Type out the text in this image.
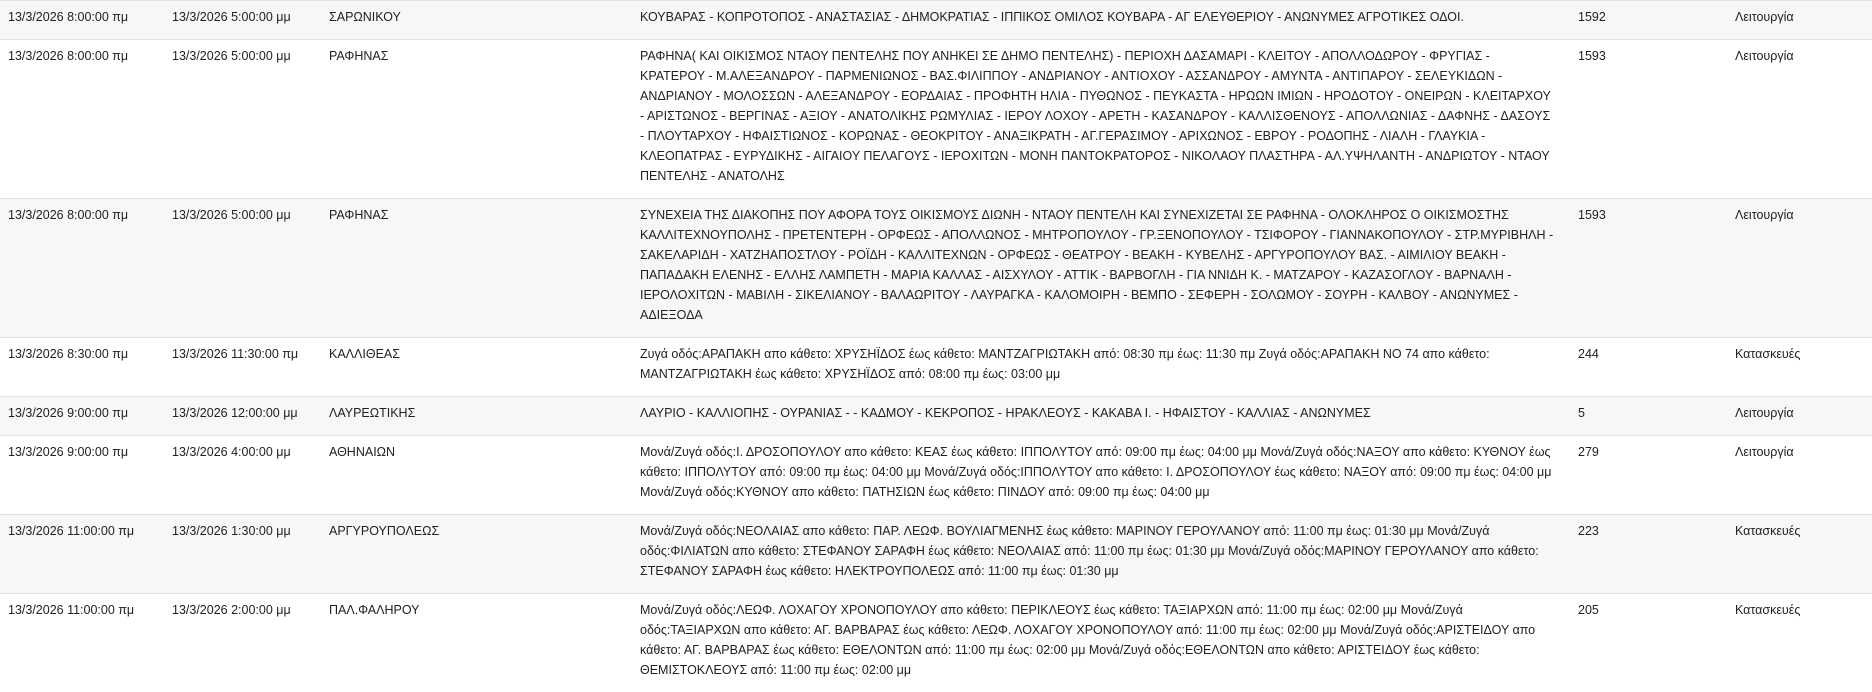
13/3/2026 8:00:00 πμ	13/3/2026 5:00:00 μμ	ΣΑΡΩΝΙΚΟΥ	ΚΟΥΒΑΡΑΣ - ΚΟΠΡΟΤΟΠΟΣ - ΑΝΑΣΤΑΣΙΑΣ - ΔΗΜΟΚΡΑΤΙΑΣ - ΙΠΠΙΚΟΣ ΟΜΙΛΟΣ ΚΟΥΒΑΡΑ - ΑΓ ΕΛΕΥΘΕΡΙΟΥ - ΑΝΩΝΥΜΕΣ ΑΓΡΟΤΙΚΕΣ ΟΔΟΙ.	1592	Λειτουργία
13/3/2026 8:00:00 πμ	13/3/2026 5:00:00 μμ	ΡΑΦΗΝΑΣ	ΡΑΦΗΝΑ( ΚΑΙ ΟΙΚΙΣΜΟΣ ΝΤΑΟΥ ΠΕΝΤΕΛΗΣ ΠΟΥ ΑΝΗΚΕΙ ΣΕ ΔΗΜΟ ΠΕΝΤΕΛΗΣ) - ΠΕΡΙΟΧΗ ΔΑΣΑΜΑΡΙ - ΚΛΕΙΤΟΥ - ΑΠΟΛΛΟΔΩΡΟΥ - ΦΡΥΓΙΑΣ - ΚΡΑΤΕΡΟΥ - Μ.ΑΛΕΞΑΝΔΡΟΥ - ΠΑΡΜΕΝΙΩΝΟΣ - ΒΑΣ.ΦΙΛΙΠΠΟΥ - ΑΝΔΡΙΑΝΟΥ - ΑΝΤΙΟΧΟΥ - ΑΣΣΑΝΔΡΟΥ - ΑΜΥΝΤΑ - ΑΝΤΙΠΑΡΟΥ - ΣΕΛΕΥΚΙΔΩΝ - ΑΝΔΡΙΑΝΟΥ - ΜΟΛΟΣΣΩΝ - ΑΛΕΞΑΝΔΡΟΥ - ΕΟΡΔΑΙΑΣ - ΠΡΟΦΗΤΗ ΗΛΙΑ - ΠΥΘΩΝΟΣ - ΠΕΥΚΑΣΤΑ - ΗΡΩΩΝ ΙΜΙΩΝ - ΗΡΟΔΟΤΟΥ - ΟΝΕΙΡΩΝ - ΚΛΕΙΤΑΡΧΟΥ - ΑΡΙΣΤΩΝΟΣ - ΒΕΡΓΙΝΑΣ - ΑΞΙΟΥ - ΑΝΑΤΟΛΙΚΗΣ ΡΩΜΥΛΙΑΣ - ΙΕΡΟΥ ΛΟΧΟΥ - ΑΡΕΤΗ - ΚΑΣΑΝΔΡΟΥ - ΚΑΛΛΙΣΘΕΝΟΥΣ - ΑΠΟΛΛΩΝΙΑΣ - ΔΑΦΝΗΣ - ΔΑΣΟΥΣ - ΠΛΟΥΤΑΡΧΟΥ - ΗΦΑΙΣΤΙΩΝΟΣ - ΚΟΡΩΝΑΣ - ΘΕΟΚΡΙΤΟΥ - ΑΝΑΞΙΚΡΑΤΗ - ΑΓ.ΓΕΡΑΣΙΜΟΥ - ΑΡΙΧΩΝΟΣ - ΕΒΡΟΥ - ΡΟΔΟΠΗΣ - ΛΙΑΛΗ - ΓΛΑΥΚΙΑ - ΚΛΕΟΠΑΤΡΑΣ - ΕΥΡΥΔΙΚΗΣ - ΑΙΓΑΙΟΥ ΠΕΛΑΓΟΥΣ - ΙΕΡΟΧΙΤΩΝ - ΜΟΝΗ ΠΑΝΤΟΚΡΑΤΟΡΟΣ - ΝΙΚΟΛΑΟΥ ΠΛΑΣΤΗΡΑ - ΑΛ.ΥΨΗΛΑΝΤΗ - ΑΝΔΡΙΩΤΟΥ - ΝΤΑΟΥ ΠΕΝΤΕΛΗΣ - ΑΝΑΤΟΛΗΣ	1593	Λειτουργία
13/3/2026 8:00:00 πμ	13/3/2026 5:00:00 μμ	ΡΑΦΗΝΑΣ	ΣΥΝΕΧΕΙΑ ΤΗΣ ΔΙΑΚΟΠΗΣ ΠΟΥ ΑΦΟΡΑ ΤΟΥΣ ΟΙΚΙΣΜΟΥΣ ΔΙΩΝΗ - ΝΤΑΟΥ ΠΕΝΤΕΛΗ ΚΑΙ ΣΥΝΕΧΙΖΕΤΑΙ ΣΕ ΡΑΦΗΝΑ - ΟΛΟΚΛΗΡΟΣ Ο ΟΙΚΙΣΜΟΣΤΗΣ ΚΑΛΛΙΤΕΧΝΟΥΠΟΛΗΣ - ΠΡΕΤΕΝΤΕΡΗ - ΟΡΦΕΩΣ - ΑΠΟΛΛΩΝΟΣ - ΜΗΤΡΟΠΟΥΛΟΥ - ΓΡ.ΞΕΝΟΠΟΥΛΟΥ - ΤΣΙΦΟΡΟΥ - ΓΙΑΝΝΑΚΟΠΟΥΛΟΥ - ΣΤΡ.ΜΥΡΙΒΗΛΗ - ΣΑΚΕΛΑΡΙΔΗ - ΧΑΤΖΗΑΠΟΣΤΛΟΥ - ΡΟΪΔΗ - ΚΑΛΛΙΤΕΧΝΩΝ - ΟΡΦΕΩΣ - ΘΕΑΤΡΟΥ - ΒΕΑΚΗ - ΚΥΒΕΛΗΣ - ΑΡΓΥΡΟΠΟΥΛΟΥ ΒΑΣ. - ΑΙΜΙΛΙΟΥ ΒΕΑΚΗ - ΠΑΠΑΔΑΚΗ ΕΛΕΝΗΣ - ΕΛΛΗΣ ΛΑΜΠΕΤΗ - ΜΑΡΙΑ ΚΑΛΛΑΣ - ΑΙΣΧΥΛΟΥ - ΑΤΤΙΚ - ΒΑΡΒΟΓΛΗ - ΓΙΑ ΝΝΙΔΗ Κ. - ΜΑΤΖΑΡΟΥ - ΚΑΖΑΣΟΓΛΟΥ - ΒΑΡΝΑΛΗ - ΙΕΡΟΛΟΧΙΤΩΝ - ΜΑΒΙΛΗ - ΣΙΚΕΛΙΑΝΟΥ - ΒΑΛΑΩΡΙΤΟΥ - ΛΑΥΡΑΓΚΑ - ΚΑΛΟΜΟΙΡΗ - ΒΕΜΠΟ - ΣΕΦΕΡΗ - ΣΟΛΩΜΟΥ - ΣΟΥΡΗ - ΚΑΛΒΟΥ - ΑΝΩΝΥΜΕΣ - ΑΔΙΕΞΟΔΑ	1593	Λειτουργία
13/3/2026 8:30:00 πμ	13/3/2026 11:30:00 πμ	ΚΑΛΛΙΘΕΑΣ	Ζυγά οδός:ΑΡΑΠΑΚΗ απο κάθετο: ΧΡΥΣΗΪΔΟΣ έως κάθετο: ΜΑΝΤΖΑΓΡΙΩΤΑΚΗ από: 08:30 πμ έως: 11:30 πμ Ζυγά οδός:ΑΡΑΠΑΚΗ ΝΟ 74 απο κάθετο: ΜΑΝΤΖΑΓΡΙΩΤΑΚΗ έως κάθετο: ΧΡΥΣΗΪΔΟΣ από: 08:00 πμ έως: 03:00 μμ	244	Κατασκευές
13/3/2026 9:00:00 πμ	13/3/2026 12:00:00 μμ	ΛΑΥΡΕΩΤΙΚΗΣ	ΛΑΥΡΙΟ - ΚΑΛΛΙΟΠΗΣ - ΟΥΡΑΝΙΑΣ - - ΚΑΔΜΟΥ - ΚΕΚΡΟΠΟΣ - ΗΡΑΚΛΕΟΥΣ - ΚΑΚΑΒΑ Ι. - ΗΦΑΙΣΤΟΥ - ΚΑΛΛΙΑΣ - ΑΝΩΝΥΜΕΣ	5	Λειτουργία
13/3/2026 9:00:00 πμ	13/3/2026 4:00:00 μμ	ΑΘΗΝΑΙΩΝ	Μονά/Ζυγά οδός:Ι. ΔΡΟΣΟΠΟΥΛΟΥ απο κάθετο: ΚΕΑΣ έως κάθετο: ΙΠΠΟΛΥΤΟΥ από: 09:00 πμ έως: 04:00 μμ Μονά/Ζυγά οδός:ΝΑΞΟΥ απο κάθετο: ΚΥΘΝΟΥ έως κάθετο: ΙΠΠΟΛΥΤΟΥ από: 09:00 πμ έως: 04:00 μμ Μονά/Ζυγά οδός:ΙΠΠΟΛΥΤΟΥ απο κάθετο: Ι. ΔΡΟΣΟΠΟΥΛΟΥ έως κάθετο: ΝΑΞΟΥ από: 09:00 πμ έως: 04:00 μμ Μονά/Ζυγά οδός:ΚΥΘΝΟΥ απο κάθετο: ΠΑΤΗΣΙΩΝ έως κάθετο: ΠΙΝΔΟΥ από: 09:00 πμ έως: 04:00 μμ	279	Λειτουργία
13/3/2026 11:00:00 πμ	13/3/2026 1:30:00 μμ	ΑΡΓΥΡΟΥΠΟΛΕΩΣ	Μονά/Ζυγά οδός:ΝΕΟΛΑΙΑΣ απο κάθετο: ΠΑΡ. ΛΕΩΦ. ΒΟΥΛΙΑΓΜΕΝΗΣ έως κάθετο: ΜΑΡΙΝΟΥ ΓΕΡΟΥΛΑΝΟΥ από: 11:00 πμ έως: 01:30 μμ Μονά/Ζυγά οδός:ΦΙΛΙΑΤΩΝ απο κάθετο: ΣΤΕΦΑΝΟΥ ΣΑΡΑΦΗ έως κάθετο: ΝΕΟΛΑΙΑΣ από: 11:00 πμ έως: 01:30 μμ Μονά/Ζυγά οδός:ΜΑΡΙΝΟΥ ΓΕΡΟΥΛΑΝΟΥ απο κάθετο: ΣΤΕΦΑΝΟΥ ΣΑΡΑΦΗ έως κάθετο: ΗΛΕΚΤΡΟΥΠΟΛΕΩΣ από: 11:00 πμ έως: 01:30 μμ	223	Κατασκευές
13/3/2026 11:00:00 πμ	13/3/2026 2:00:00 μμ	ΠΑΛ.ΦΑΛΗΡΟΥ	Μονά/Ζυγά οδός:ΛΕΩΦ. ΛΟΧΑΓΟΥ ΧΡΟΝΟΠΟΥΛΟΥ απο κάθετο: ΠΕΡΙΚΛΕΟΥΣ έως κάθετο: ΤΑΞΙΑΡΧΩΝ από: 11:00 πμ έως: 02:00 μμ Μονά/Ζυγά οδός:ΤΑΞΙΑΡΧΩΝ απο κάθετο: ΑΓ. ΒΑΡΒΑΡΑΣ έως κάθετο: ΛΕΩΦ. ΛΟΧΑΓΟΥ ΧΡΟΝΟΠΟΥΛΟΥ από: 11:00 πμ έως: 02:00 μμ Μονά/Ζυγά οδός:ΑΡΙΣΤΕΙΔΟΥ απο κάθετο: ΑΓ. ΒΑΡΒΑΡΑΣ έως κάθετο: ΕΘΕΛΟΝΤΩΝ από: 11:00 πμ έως: 02:00 μμ Μονά/Ζυγά οδός:ΕΘΕΛΟΝΤΩΝ απο κάθετο: ΑΡΙΣΤΕΙΔΟΥ έως κάθετο: ΘΕΜΙΣΤΟΚΛΕΟΥΣ από: 11:00 πμ έως: 02:00 μμ	205	Κατασκευές
